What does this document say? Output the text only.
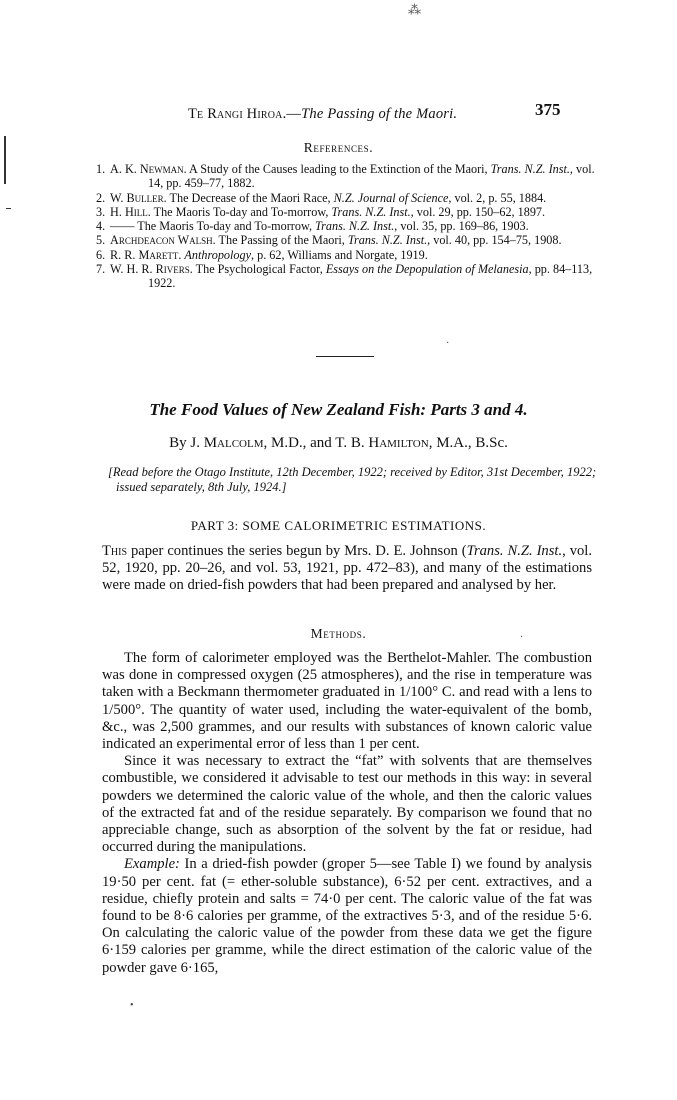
⁂
Te Rangi Hiroa.—The Passing of the Maori.	375
References.

1. A. K. Newman. A Study of the Causes leading to the Extinction of the Maori, Trans. N.Z. Inst., vol. 14, pp. 459–77, 1882.

2. W. Buller. The Decrease of the Maori Race, N.Z. Journal of Science, vol. 2, p. 55, 1884.

3. H. Hill. The Maoris To-day and To-morrow, Trans. N.Z. Inst., vol. 29, pp. 150–62, 1897.

4. —— The Maoris To-day and To-morrow, Trans. N.Z. Inst., vol. 35, pp. 169–86, 1903.

5. Archdeacon Walsh. The Passing of the Maori, Trans. N.Z. Inst., vol. 40, pp. 154–75, 1908.

6. R. R. Marett. Anthropology, p. 62, Williams and Norgate, 1919.

7. W. H. R. Rivers. The Psychological Factor, Essays on the Depopulation of Melanesia, pp. 84–113, 1922.

The Food Values of New Zealand Fish: Parts 3 and 4.
By J. Malcolm, M.D., and T. B. Hamilton, M.A., B.Sc.
[Read before the Otago Institute, 12th December, 1922; received by Editor, 31st December, 1922; issued separately, 8th July, 1924.]
PART 3: SOME CALORIMETRIC ESTIMATIONS.

This paper continues the series begun by Mrs. D. E. Johnson (Trans. N.Z. Inst., vol. 52, 1920, pp. 20–26, and vol. 53, 1921, pp. 472–83), and many of the estimations were made on dried-fish powders that had been prepared and analysed by her.

Methods.

The form of calorimeter employed was the Berthelot-Mahler. The combustion was done in compressed oxygen (25 atmospheres), and the rise in temperature was taken with a Beckmann thermometer graduated in 1/100° C. and read with a lens to 1/500°. The quantity of water used, including the water-equivalent of the bomb, &c., was 2,500 grammes, and our results with substances of known caloric value indicated an experimental error of less than 1 per cent.

Since it was necessary to extract the “fat” with solvents that are themselves combustible, we considered it advisable to test our methods in this way: in several powders we determined the caloric value of the whole, and then the caloric values of the extracted fat and of the residue separately. By comparison we found that no appreciable change, such as absorption of the solvent by the fat or residue, had occurred during the manipulations.

Example: In a dried-fish powder (groper 5—see Table I) we found by analysis 19·50 per cent. fat (= ether-soluble substance), 6·52 per cent. extractives, and a residue, chiefly protein and salts = 74·0 per cent. The caloric value of the fat was found to be 8·6 calories per gramme, of the extractives 5·3, and of the residue 5·6. On calculating the caloric value of the powder from these data we get the figure 6·159 calories per gramme, while the direct estimation of the caloric value of the powder gave 6·165,

•
·
·
